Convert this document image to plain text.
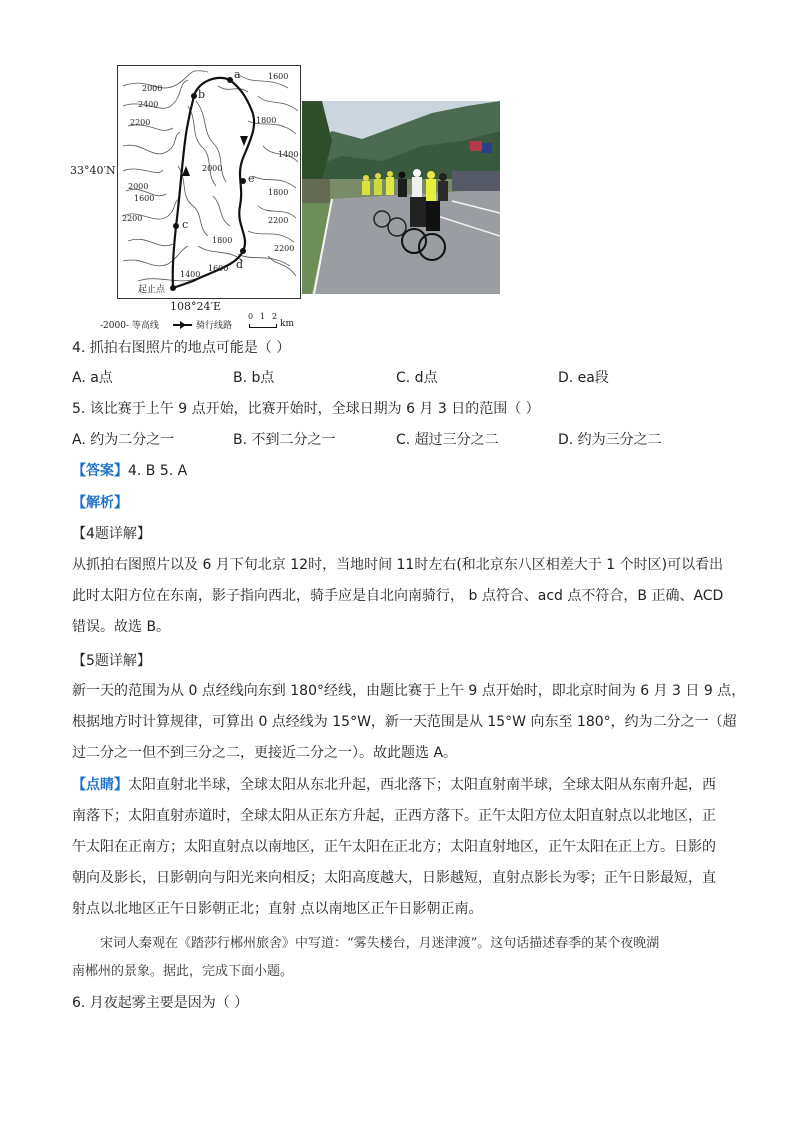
33°40′N
a
b
c
d
e
1600
2400
2200
2000
1800
1400
2000
1600
2200
1800
2000
2200
1600
1800
2200
1400
起止点
108°24′E
-2000- 等高线	骑行线路
0 1 2
km
4. 抓拍右图照片的地点可能是（ ）
A. a点	B. b点	C. d点	D. ea段
5. 该比赛于上午 9 点开始，比赛开始时，全球日期为 6 月 3 日的范围（ ）
A. 约为二分之一	B. 不到二分之一	C. 超过三分之二	D. 约为三分之二
【答案】4. B 5. A
【解析】
【4题详解】

从抓拍右图照片以及 6 月下旬北京 12时，当地时间 11时左右(和北京东八区相差大于 1 个时区)可以看出

此时太阳方位在东南，影子指向西北，骑手应是自北向南骑行， b 点符合、acd 点不符合，B 正确、ACD

错误。故选 B。

【5题详解】

新一天的范围为从 0 点经线向东到 180°经线，由题比赛于上午 9 点开始时，即北京时间为 6 月 3 日 9 点，

根据地方时计算规律，可算出 0 点经线为 15°W，新一天范围是从 15°W 向东至 180°，约为二分之一（超

过二分之一但不到三分之二，更接近二分之一）。故此题选 A。

【点睛】太阳直射北半球，全球太阳从东北升起，西北落下；太阳直射南半球，全球太阳从东南升起，西

南落下；太阳直射赤道时，全球太阳从正东方升起，正西方落下。正午太阳方位太阳直射点以北地区，正

午太阳在正南方；太阳直射点以南地区，正午太阳在正北方；太阳直射地区，正午太阳在正上方。日影的

朝向及影长，日影朝向与阳光来向相反；太阳高度越大，日影越短，直射点影长为零；正午日影最短，直

射点以北地区正午日影朝正北；直射 点以南地区正午日影朝正南。

宋词人秦观在《踏莎行郴州旅舍》中写道：“雾失楼台，月迷津渡”。这句话描述春季的某个夜晚湖
南郴州的景象。据此，完成下面小题。
6. 月夜起雾主要是因为（ ）
